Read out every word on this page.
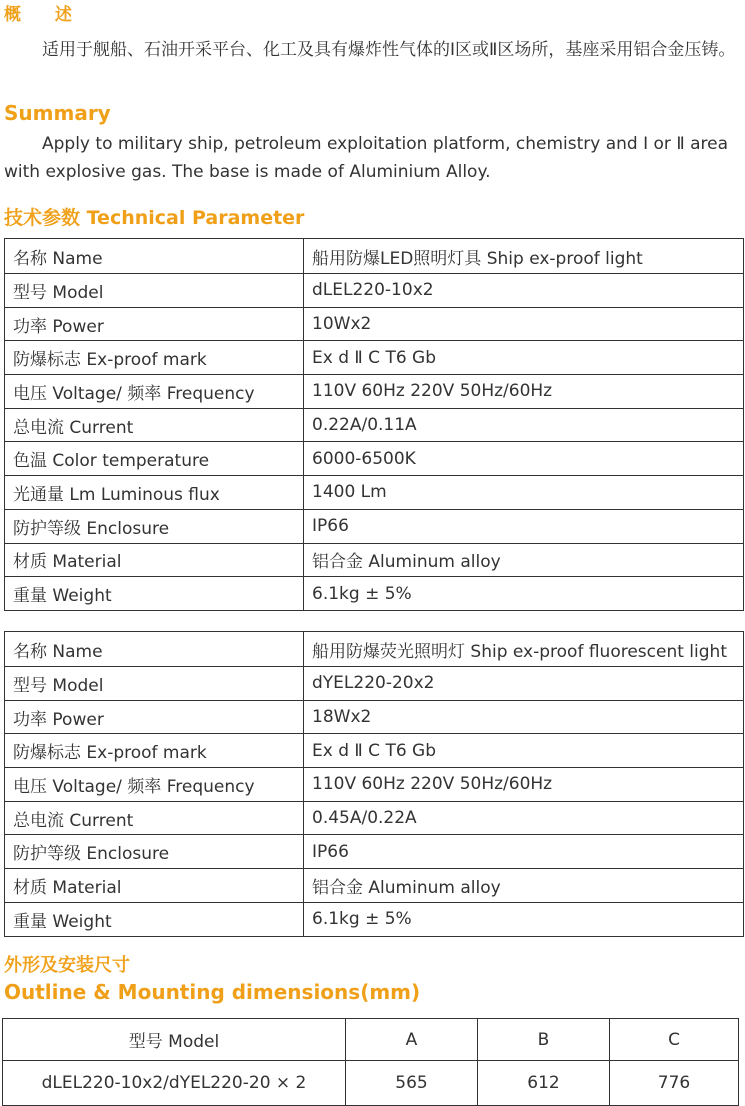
概 述

适用于舰船、石油开采平台、化工及具有爆炸性气体的Ⅰ区或Ⅱ区场所，基座采用铝合金压铸。

Summary

Apply to military ship, petroleum exploitation platform, chemistry and Ⅰ or Ⅱ area with explosive gas. The base is made of Aluminium Alloy.

技术参数 Technical Parameter
名称 Name	船用防爆LED照明灯具 Ship ex-proof light
型号 Model	dLEL220-10x2
功率 Power	10Wx2
防爆标志 Ex-proof mark	Ex d Ⅱ C T6 Gb
电压 Voltage/ 频率 Frequency	110V 60Hz 220V 50Hz/60Hz
总电流 Current	0.22A/0.11A
色温 Color temperature	6000-6500K
光通量 Lm Luminous flux	1400 Lm
防护等级 Enclosure	IP66
材质 Material	铝合金 Aluminum alloy
重量 Weight	6.1kg ± 5%
名称 Name	船用防爆荧光照明灯 Ship ex-proof fluorescent light
型号 Model	dYEL220-20x2
功率 Power	18Wx2
防爆标志 Ex-proof mark	Ex d Ⅱ C T6 Gb
电压 Voltage/ 频率 Frequency	110V 60Hz 220V 50Hz/60Hz
总电流 Current	0.45A/0.22A
防护等级 Enclosure	IP66
材质 Material	铝合金 Aluminum alloy
重量 Weight	6.1kg ± 5%
外形及安装尺寸
Outline & Mounting dimensions(mm)
型号 Model	A	B	C
dLEL220-10x2/dYEL220-20 × 2	565	612	776
